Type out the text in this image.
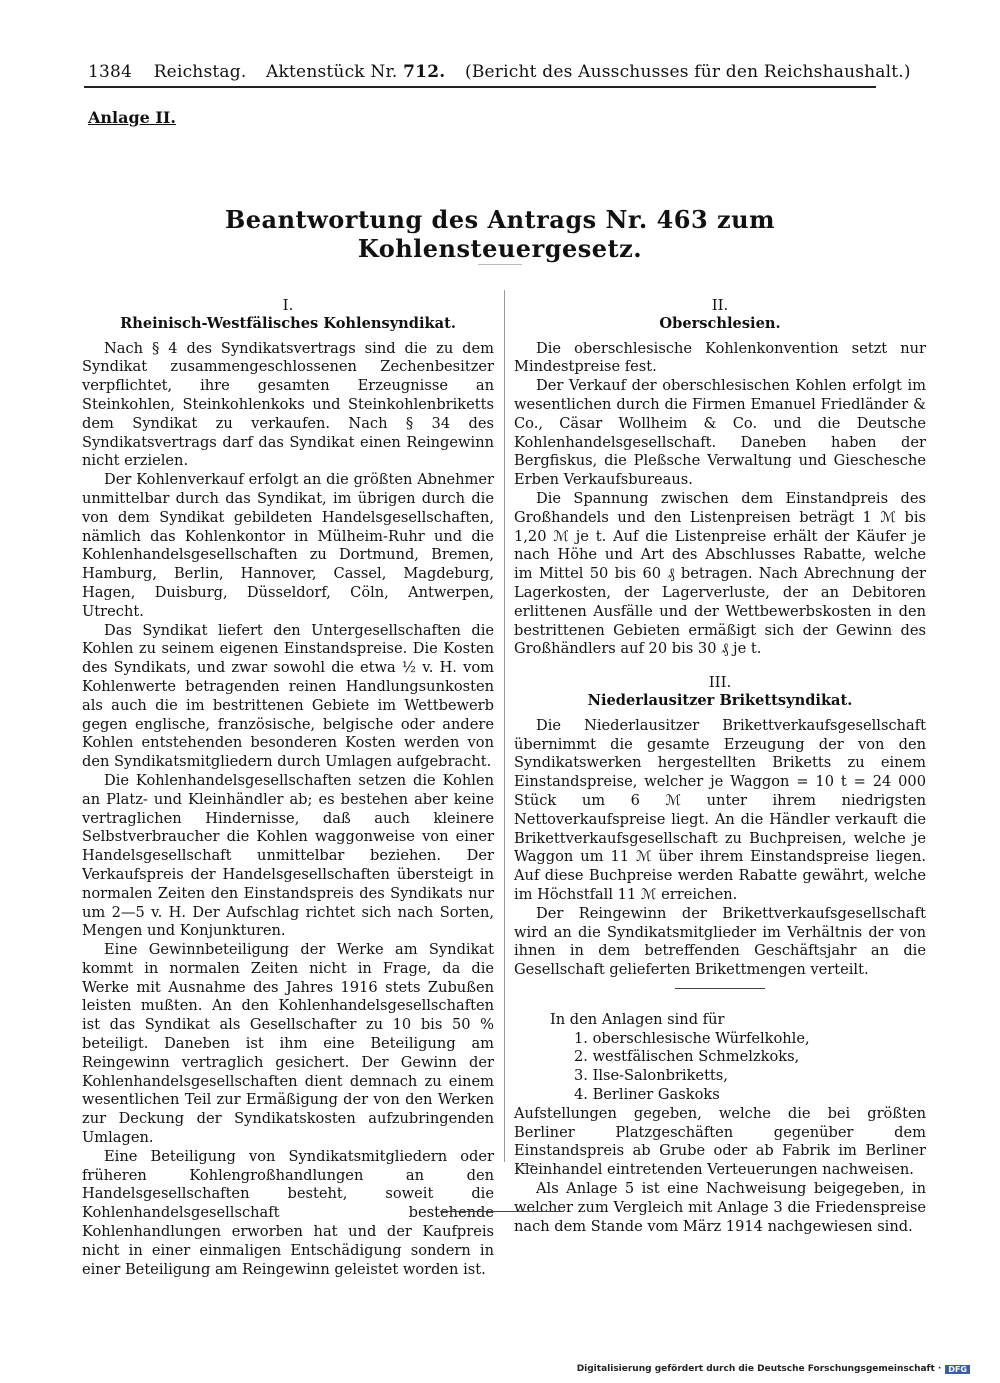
1384 Reichstag. Aktenstück Nr. 712. (Bericht des Ausschusses für den Reichshaushalt.)
Anlage II.
Beantwortung des Antrags Nr. 463 zum Kohlensteuergesetz.
I.
Rheinisch-Westfälisches Kohlensyndikat.

Nach § 4 des Syndikatsvertrags sind die zu dem Syndikat zusammengeschlossenen Zechenbesitzer verpflichtet, ihre gesamten Erzeugnisse an Steinkohlen, Steinkohlenkoks und Steinkohlenbriketts dem Syndikat zu verkaufen. Nach § 34 des Syndikatsvertrags darf das Syndikat einen Reingewinn nicht erzielen.

Der Kohlenverkauf erfolgt an die größten Abnehmer unmittelbar durch das Syndikat, im übrigen durch die von dem Syndikat gebildeten Handelsgesellschaften, nämlich das Kohlenkontor in Mülheim-Ruhr und die Kohlenhandelsgesellschaften zu Dortmund, Bremen, Hamburg, Berlin, Hannover, Cassel, Magdeburg, Hagen, Duisburg, Düsseldorf, Cöln, Antwerpen, Utrecht.

Das Syndikat liefert den Untergesellschaften die Kohlen zu seinem eigenen Einstandspreise. Die Kosten des Syndikats, und zwar sowohl die etwa ½ v. H. vom Kohlenwerte betragenden reinen Handlungsunkosten als auch die im bestrittenen Gebiete im Wettbewerb gegen englische, französische, belgische oder andere Kohlen entstehenden besonderen Kosten werden von den Syndikatsmitgliedern durch Umlagen aufgebracht.

Die Kohlenhandelsgesellschaften setzen die Kohlen an Platz- und Kleinhändler ab; es bestehen aber keine vertraglichen Hindernisse, daß auch kleinere Selbstverbraucher die Kohlen waggonweise von einer Handelsgesellschaft unmittelbar beziehen. Der Verkaufspreis der Handelsgesellschaften übersteigt in normalen Zeiten den Einstandspreis des Syndikats nur um 2—5 v. H. Der Aufschlag richtet sich nach Sorten, Mengen und Konjunkturen.

Eine Gewinnbeteiligung der Werke am Syndikat kommt in normalen Zeiten nicht in Frage, da die Werke mit Ausnahme des Jahres 1916 stets Zubußen leisten mußten. An den Kohlenhandelsgesellschaften ist das Syndikat als Gesellschafter zu 10 bis 50 % beteiligt. Daneben ist ihm eine Beteiligung am Reingewinn vertraglich gesichert. Der Gewinn der Kohlenhandelsgesellschaften dient demnach zu einem wesentlichen Teil zur Ermäßigung der von den Werken zur Deckung der Syndikatskosten aufzubringenden Umlagen.

Eine Beteiligung von Syndikatsmitgliedern oder früheren Kohlengroßhandlungen an den Handelsgesellschaften besteht, soweit die Kohlenhandelsgesellschaft bestehende Kohlenhandlungen erworben hat und der Kaufpreis nicht in einer einmaligen Entschädigung sondern in einer Beteiligung am Reingewinn geleistet worden ist.

II.
Oberschlesien.

Die oberschlesische Kohlenkonvention setzt nur Mindestpreise fest.

Der Verkauf der oberschlesischen Kohlen erfolgt im wesentlichen durch die Firmen Emanuel Friedländer & Co., Cäsar Wollheim & Co. und die Deutsche Kohlenhandelsgesellschaft. Daneben haben der Bergfiskus, die Pleßsche Verwaltung und Gieschesche Erben Verkaufsbureaus.

Die Spannung zwischen dem Einstandpreis des Großhandels und den Listenpreisen beträgt 1 ℳ bis 1,20 ℳ je t. Auf die Listenpreise erhält der Käufer je nach Höhe und Art des Abschlusses Rabatte, welche im Mittel 50 bis 60 ₰ betragen. Nach Abrechnung der Lagerkosten, der Lagerverluste, der an Debitoren erlittenen Ausfälle und der Wettbewerbskosten in den bestrittenen Gebieten ermäßigt sich der Gewinn des Großhändlers auf 20 bis 30 ₰ je t.

III.
Niederlausitzer Brikettsyndikat.

Die Niederlausitzer Brikettverkaufsgesellschaft übernimmt die gesamte Erzeugung der von den Syndikatswerken hergestellten Briketts zu einem Einstandspreise, welcher je Waggon = 10 t = 24 000 Stück um 6 ℳ unter ihrem niedrigsten Nettoverkaufspreise liegt. An die Händler verkauft die Brikettverkaufsgesellschaft zu Buchpreisen, welche je Waggon um 11 ℳ über ihrem Einstandspreise liegen. Auf diese Buchpreise werden Rabatte gewährt, welche im Höchstfall 11 ℳ erreichen.

Der Reingewinn der Brikettverkaufsgesellschaft wird an die Syndikatsmitglieder im Verhältnis der von ihnen in dem betreffenden Geschäftsjahr an die Gesellschaft gelieferten Brikettmengen verteilt.

In den Anlagen sind für

1. oberschlesische Würfelkohle,
2. westfälischen Schmelzkoks,
3. Ilse-Salonbriketts,
4. Berliner Gaskoks

Aufstellungen gegeben, welche die bei größten Berliner Platzgeschäften gegenüber dem Einstandspreis ab Grube oder ab Fabrik im Berliner Kleinhandel eintretenden Verteuerungen nachweisen.

Als Anlage 5 ist eine Nachweisung beigegeben, in welcher zum Vergleich mit Anlage 3 die Friedenspreise nach dem Stande vom März 1914 nachgewiesen sind.

Digitalisierung gefördert durch die Deutsche Forschungsgemeinschaft · DFG
